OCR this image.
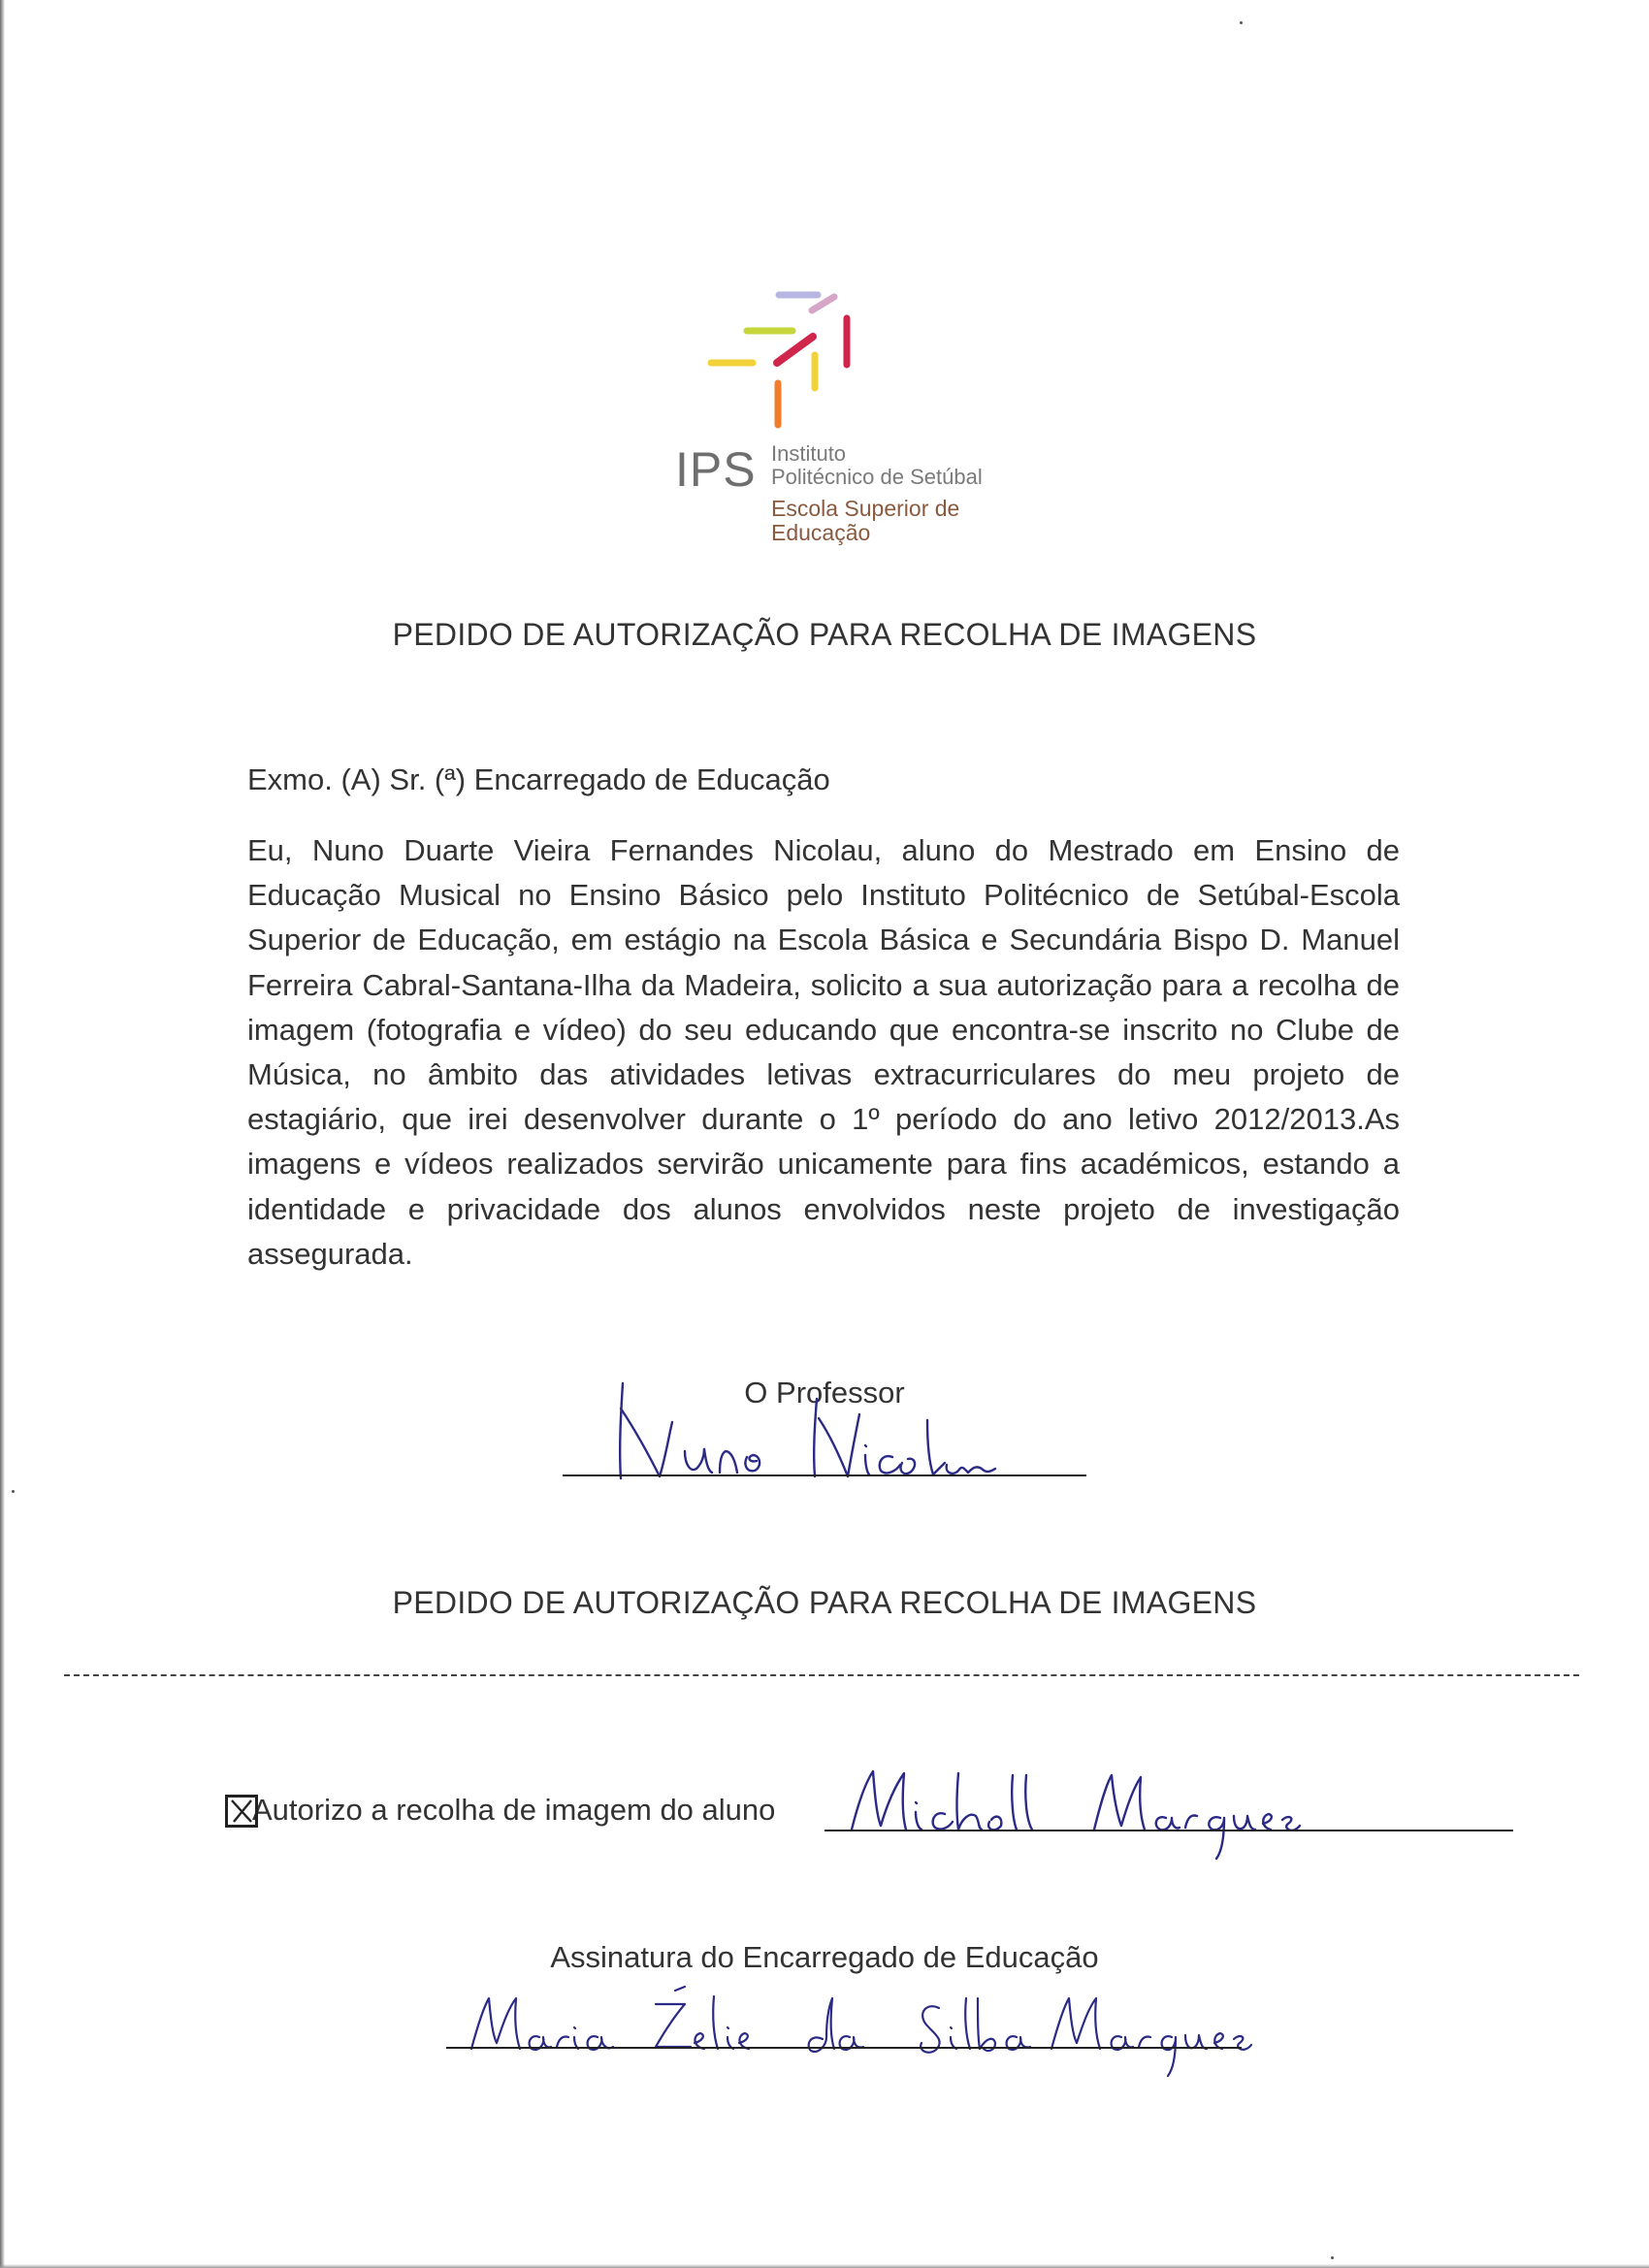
IPS Instituto
Politécnico de Setúbal
Escola Superior de
Educação
PEDIDO DE AUTORIZAÇÃO PARA RECOLHA DE IMAGENS
Exmo. (A) Sr. (ª) Encarregado de Educação
Eu, Nuno Duarte Vieira Fernandes Nicolau, aluno do Mestrado em Ensino de Educação Musical no Ensino Básico pelo Instituto Politécnico de Setúbal-Escola Superior de Educação, em estágio na Escola Básica e Secundária Bispo D. Manuel Ferreira Cabral-Santana-Ilha da Madeira, solicito a sua autorização para a recolha de imagem (fotografia e vídeo) do seu educando que encontra-se inscrito no Clube de Música, no âmbito das atividades letivas extracurriculares do meu projeto de estagiário, que irei desenvolver durante o 1º período do ano letivo 2012/2013.As imagens e vídeos realizados servirão unicamente para fins académicos, estando a identidade e privacidade dos alunos envolvidos neste projeto de investigação assegurada.
O Professor
PEDIDO DE AUTORIZAÇÃO PARA RECOLHA DE IMAGENS
Autorizo a recolha de imagem do aluno
Assinatura do Encarregado de Educação
